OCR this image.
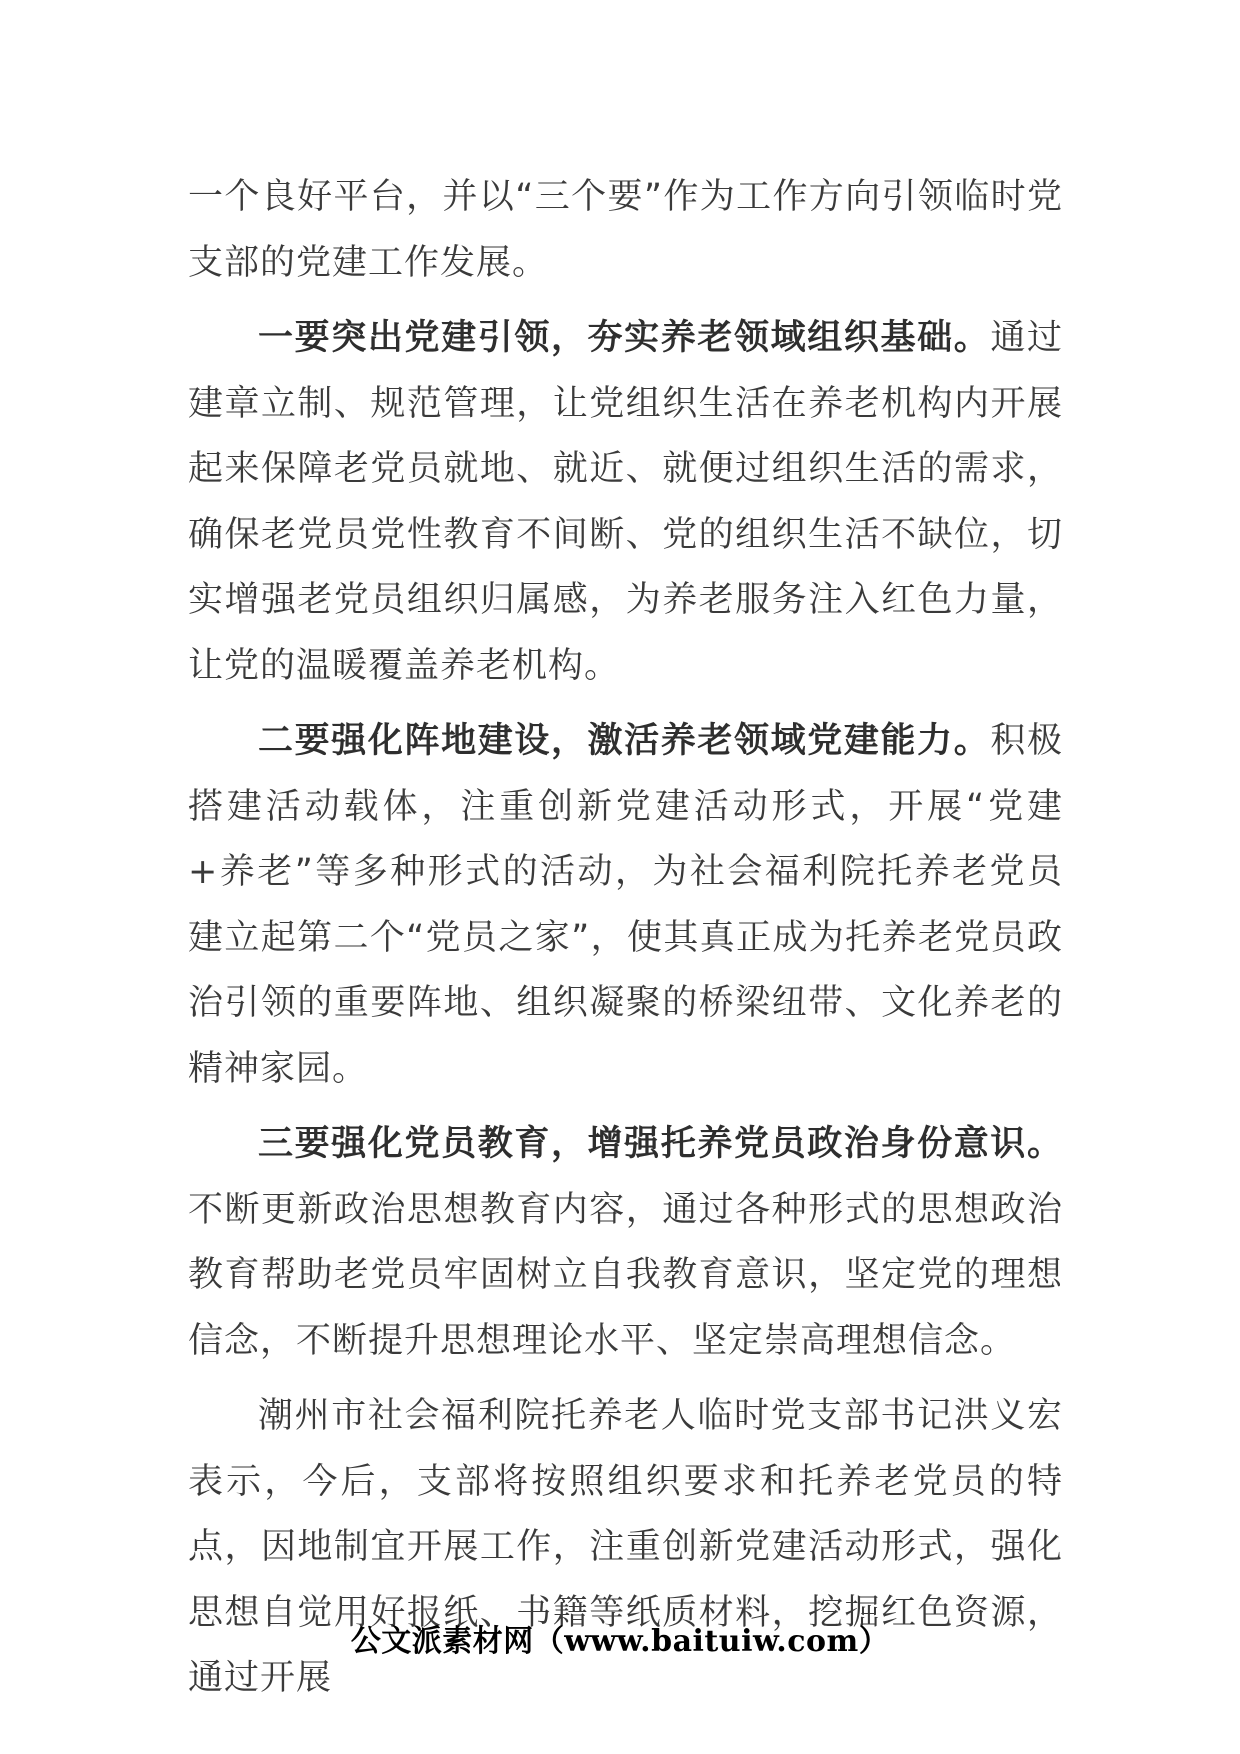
一个良好平台，并以“三个要”作为工作方向引领临时党支部的党建工作发展。

一要突出党建引领，夯实养老领域组织基础。通过建章立制、规范管理，让党组织生活在养老机构内开展起来保障老党员就地、就近、就便过组织生活的需求，确保老党员党性教育不间断、党的组织生活不缺位，切实增强老党员组织归属感，为养老服务注入红色力量，让党的温暖覆盖养老机构。

二要强化阵地建设，激活养老领域党建能力。积极搭建活动载体，注重创新党建活动形式，开展“党建+养老”等多种形式的活动，为社会福利院托养老党员建立起第二个“党员之家”，使其真正成为托养老党员政治引领的重要阵地、组织凝聚的桥梁纽带、文化养老的精神家园。

三要强化党员教育，增强托养党员政治身份意识。不断更新政治思想教育内容，通过各种形式的思想政治教育帮助老党员牢固树立自我教育意识，坚定党的理想信念，不断提升思想理论水平、坚定崇高理想信念。

潮州市社会福利院托养老人临时党支部书记洪义宏表示，今后，支部将按照组织要求和托养老党员的特点，因地制宜开展工作，注重创新党建活动形式，强化思想自觉用好报纸、书籍等纸质材料，挖掘红色资源，通过开展

公文派素材网（www.baituiw.com）
